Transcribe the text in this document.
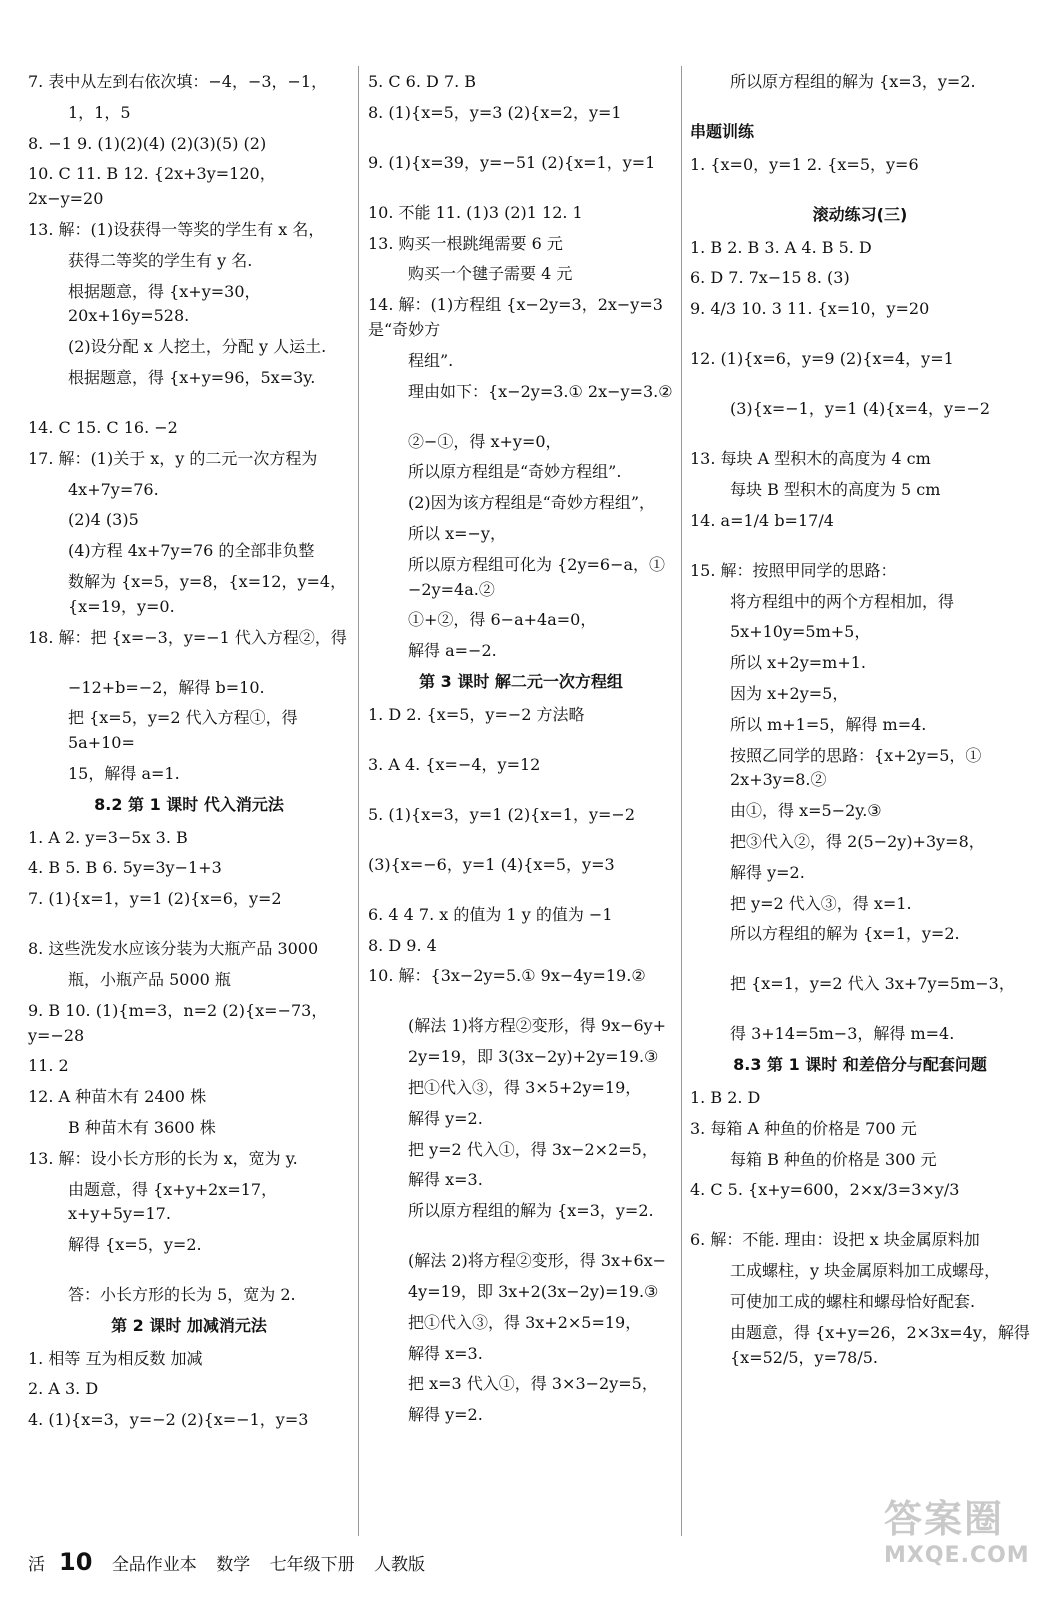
7. 表中从左到右依次填：−4，−3，−1，
1，1，5
8. −1 9. (1)(2)(4) (2)(3)(5) (2)
10. C 11. B 12. {2x+3y=120，2x−y=20
13. 解：(1)设获得一等奖的学生有 x 名，
获得二等奖的学生有 y 名.
根据题意，得 {x+y=30，20x+16y=528.
(2)设分配 x 人挖土，分配 y 人运土.
根据题意，得 {x+y=96，5x=3y.
14. C 15. C 16. −2
17. 解：(1)关于 x，y 的二元一次方程为
4x+7y=76.
(2)4 (3)5
(4)方程 4x+7y=76 的全部非负整
数解为 {x=5，y=8，{x=12，y=4，{x=19，y=0.
18. 解：把 {x=−3，y=−1 代入方程②，得
−12+b=−2，解得 b=10.
把 {x=5，y=2 代入方程①，得 5a+10=
15，解得 a=1.
8.2 第 1 课时 代入消元法
1. A 2. y=3−5x 3. B
4. B 5. B 6. 5y=3y−1+3
7. (1){x=1，y=1 (2){x=6，y=2
8. 这些洗发水应该分装为大瓶产品 3000
瓶，小瓶产品 5000 瓶
9. B 10. (1){m=3，n=2 (2){x=−73，y=−28
11. 2
12. A 种苗木有 2400 株
B 种苗木有 3600 株
13. 解：设小长方形的长为 x，宽为 y.
由题意，得 {x+y+2x=17，x+y+5y=17.
解得 {x=5，y=2.
答：小长方形的长为 5，宽为 2.
第 2 课时 加减消元法
1. 相等 互为相反数 加减
2. A 3. D
4. (1){x=3，y=−2 (2){x=−1，y=3
5. C 6. D 7. B
8. (1){x=5，y=3 (2){x=2，y=1
9. (1){x=39，y=−51 (2){x=1，y=1
10. 不能 11. (1)3 (2)1 12. 1
13. 购买一根跳绳需要 6 元
购买一个毽子需要 4 元
14. 解：(1)方程组 {x−2y=3，2x−y=3 是“奇妙方
程组”.
理由如下：{x−2y=3.① 2x−y=3.②
②−①，得 x+y=0，
所以原方程组是“奇妙方程组”.
(2)因为该方程组是“奇妙方程组”，
所以 x=−y，
所以原方程组可化为 {2y=6−a，① −2y=4a.②
①+②，得 6−a+4a=0，
解得 a=−2.
第 3 课时 解二元一次方程组
1. D 2. {x=5，y=−2 方法略
3. A 4. {x=−4，y=12
5. (1){x=3，y=1 (2){x=1，y=−2
(3){x=−6，y=1 (4){x=5，y=3
6. 4 4 7. x 的值为 1 y 的值为 −1
8. D 9. 4
10. 解：{3x−2y=5.① 9x−4y=19.②
(解法 1)将方程②变形，得 9x−6y+
2y=19，即 3(3x−2y)+2y=19.③
把①代入③，得 3×5+2y=19，
解得 y=2.
把 y=2 代入①，得 3x−2×2=5，
解得 x=3.
所以原方程组的解为 {x=3，y=2.
(解法 2)将方程②变形，得 3x+6x−
4y=19，即 3x+2(3x−2y)=19.③
把①代入③，得 3x+2×5=19，
解得 x=3.
把 x=3 代入①，得 3×3−2y=5，
解得 y=2.
所以原方程组的解为 {x=3，y=2.
串题训练
1. {x=0，y=1 2. {x=5，y=6
滚动练习(三)
1. B 2. B 3. A 4. B 5. D
6. D 7. 7x−15 8. (3)
9. 4/3 10. 3 11. {x=10，y=20
12. (1){x=6，y=9 (2){x=4，y=1
(3){x=−1，y=1 (4){x=4，y=−2
13. 每块 A 型积木的高度为 4 cm
每块 B 型积木的高度为 5 cm
14. a=1/4 b=17/4
15. 解：按照甲同学的思路：
将方程组中的两个方程相加，得
5x+10y=5m+5，
所以 x+2y=m+1.
因为 x+2y=5，
所以 m+1=5，解得 m=4.
按照乙同学的思路：{x+2y=5，① 2x+3y=8.②
由①，得 x=5−2y.③
把③代入②，得 2(5−2y)+3y=8，
解得 y=2.
把 y=2 代入③，得 x=1.
所以方程组的解为 {x=1，y=2.
把 {x=1，y=2 代入 3x+7y=5m−3，
得 3+14=5m−3，解得 m=4.
8.3 第 1 课时 和差倍分与配套问题
1. B 2. D
3. 每箱 A 种鱼的价格是 700 元
每箱 B 种鱼的价格是 300 元
4. C 5. {x+y=600，2×x/3=3×y/3
6. 解：不能. 理由：设把 x 块金属原料加
工成螺柱，y 块金属原料加工成螺母，
可使加工成的螺柱和螺母恰好配套.
由题意，得 {x+y=26，2×3x=4y，解得 {x=52/5，y=78/5.
活 10 全品作业本 数学 七年级下册 人教版
答案圈
MXQE.COM
